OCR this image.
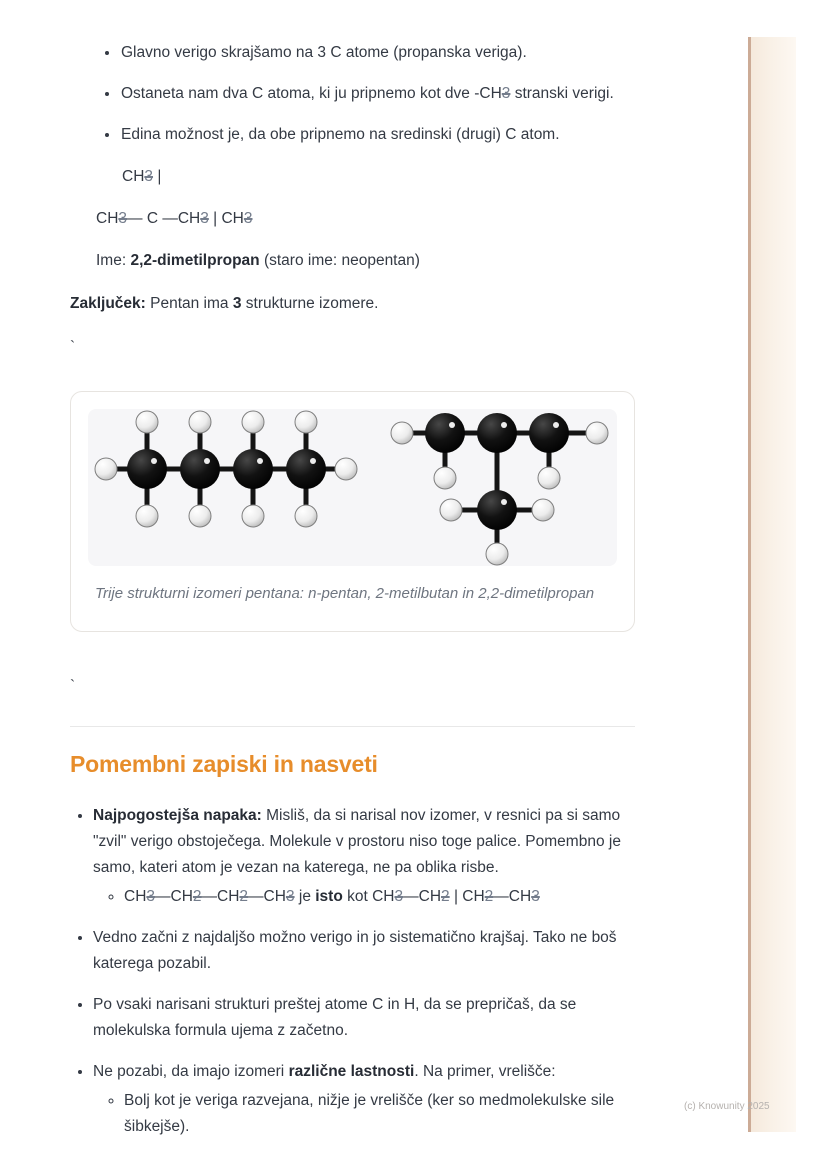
• Glavno verigo skrajšamo na 3 C atome (propanska veriga).
• Ostaneta nam dva C atoma, ki ju pripnemo kot dve -CH3 stranski verigi.
• Edina možnost je, da obe pripnemo na sredinski (drugi) C atom.

CH3 |

CH3— C —CH3 | CH3

Ime: 2,2-dimetilpropan (staro ime: neopentan)

Zaključek: Pentan ima 3 strukturne izomere.

`

Trije strukturni izomeri pentana: n-pentan, 2-metilbutan in 2,2-dimetilpropan

`

Pomembni zapiski in nasveti
• Najpogostejša napaka: Misliš, da si narisal nov izomer, v resnici pa si samo "zvil" verigo obstoječega. Molekule v prostoru niso toge palice. Pomembno je samo, kateri atom je vezan na katerega, ne pa oblika risbe.
◦ CH3—CH2—CH2—CH3 je isto kot CH3—CH2 | CH2—CH3
• Vedno začni z najdaljšo možno verigo in jo sistematično krajšaj. Tako ne boš katerega pozabil.
• Po vsaki narisani strukturi preštej atome C in H, da se prepričaš, da se molekulska formula ujema z začetno.
• Ne pozabi, da imajo izomeri različne lastnosti. Na primer, vrelišče:
◦ Bolj kot je veriga razvejana, nižje je vrelišče (ker so medmolekulske sile šibkejše).
(c) Knowunity 2025
